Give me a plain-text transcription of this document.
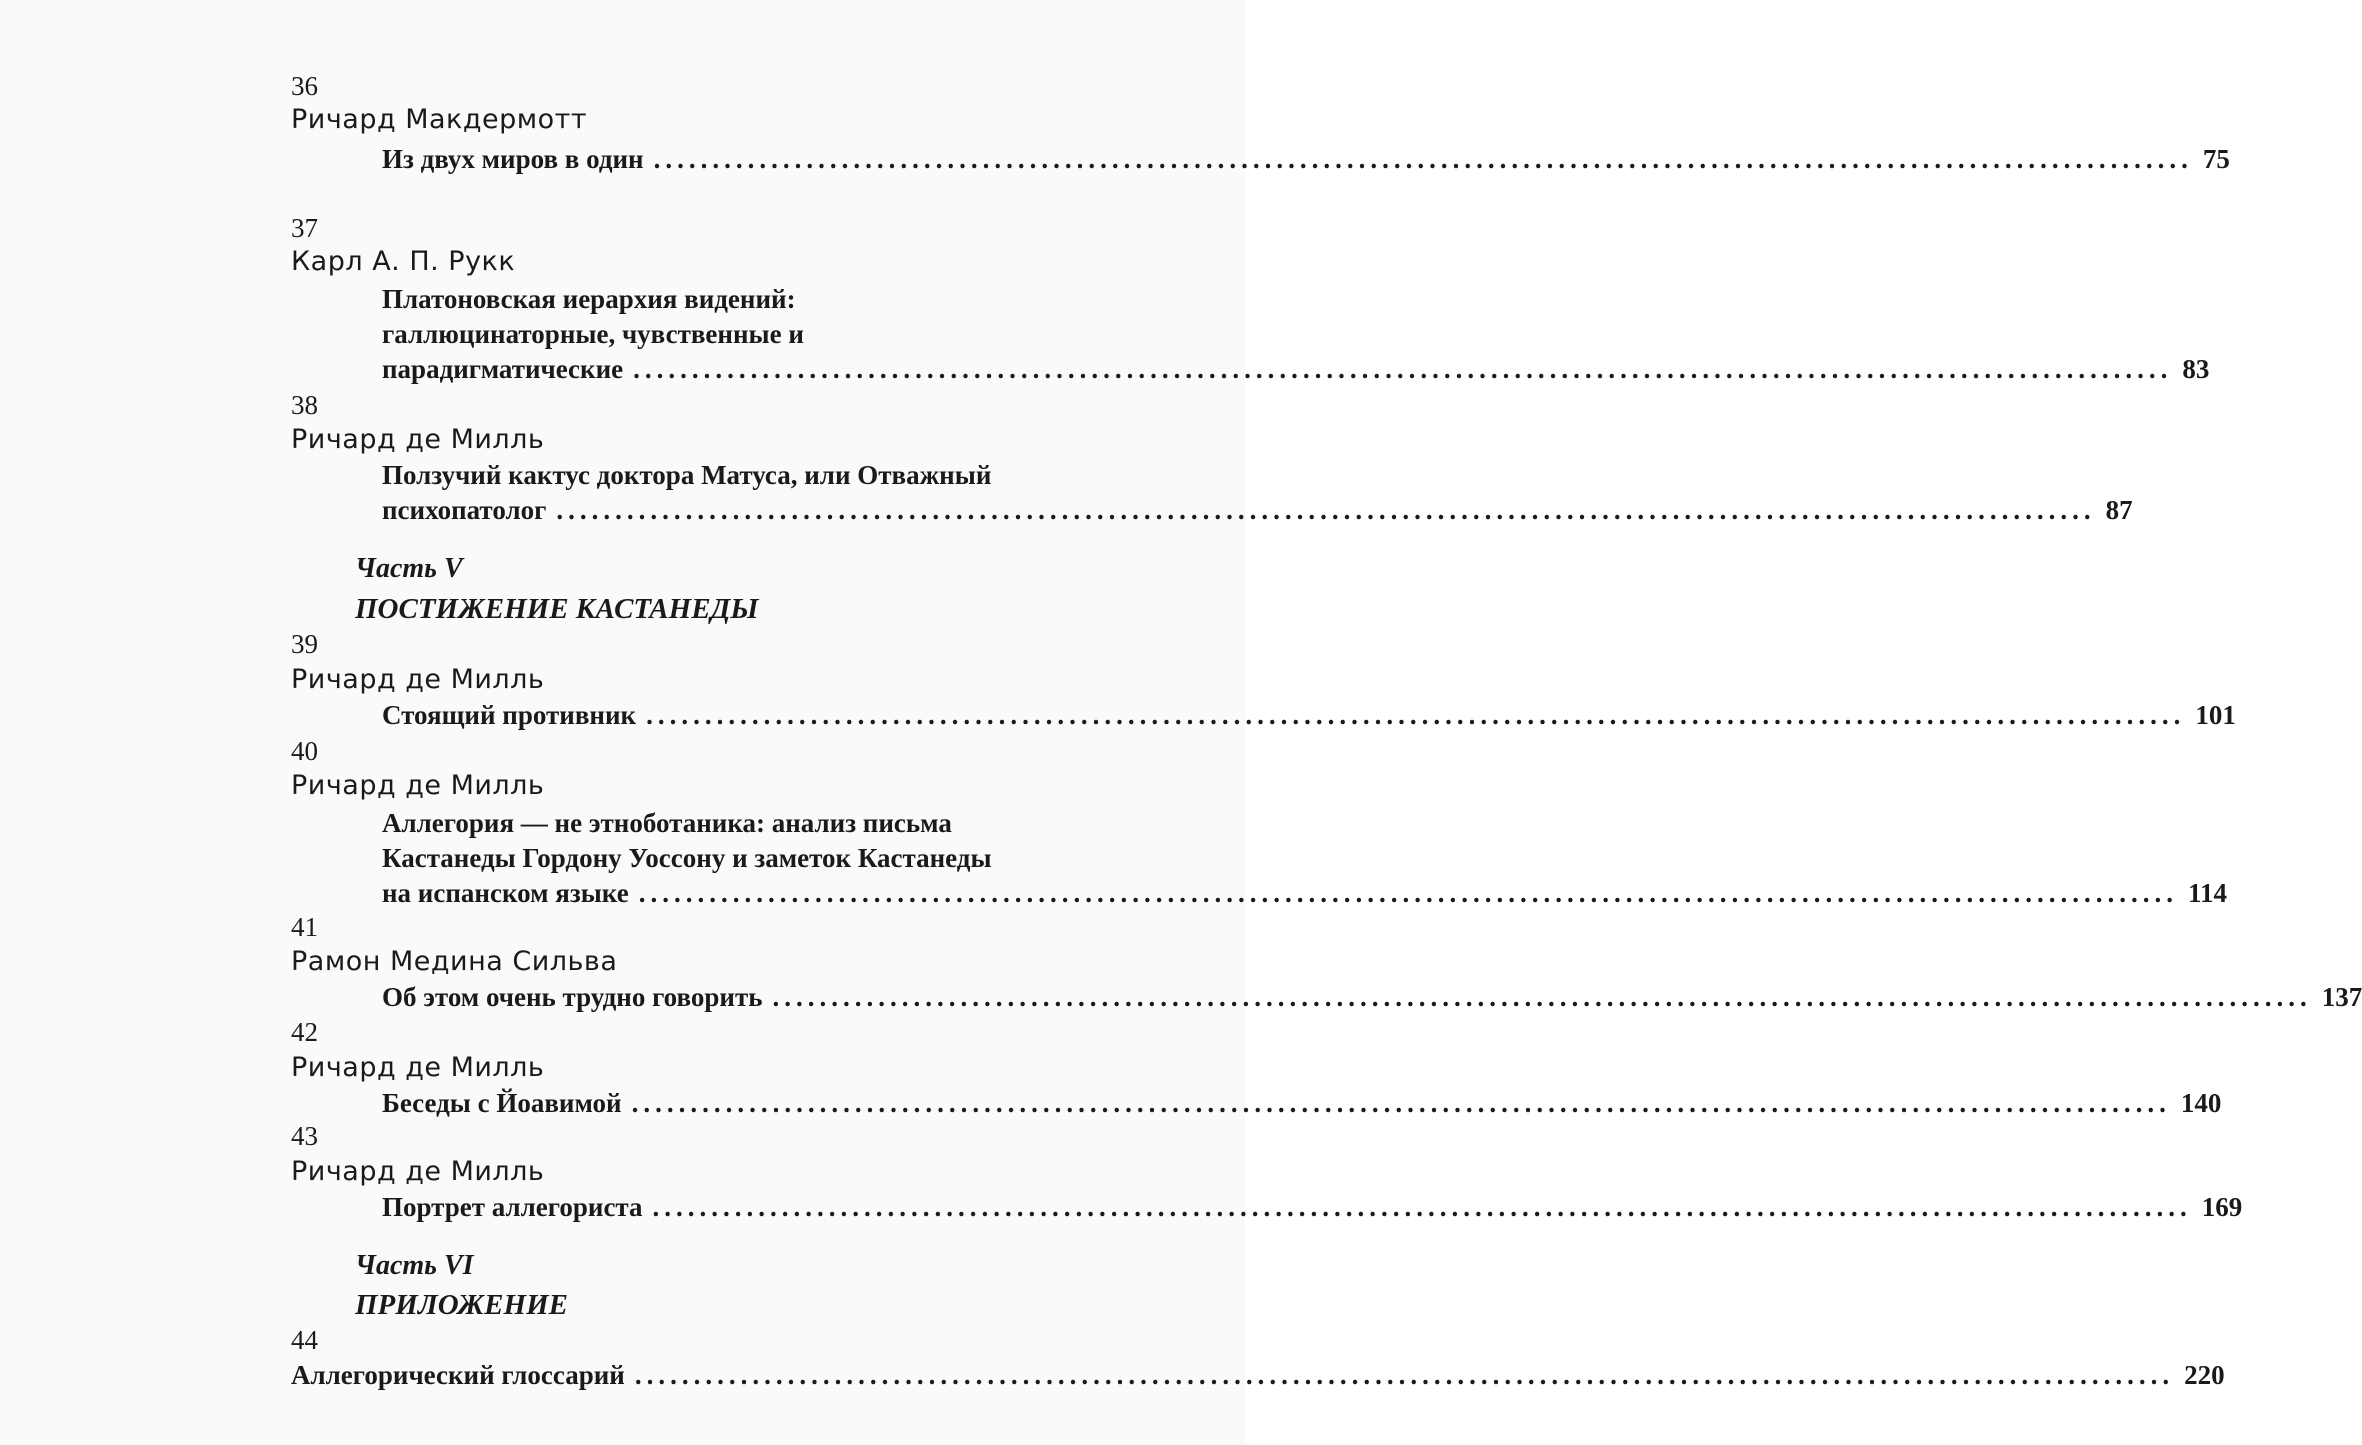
36
Ричард Макдермотт
Из двух миров в один ................................................................................................................................... 75
37
Карл А. П. Рукк
Платоновская иерархия видений:
галлюцинаторные, чувственные и
парадигматические ................................................................................................................................... 83
38
Ричард де Милль
Ползучий кактус доктора Матуса, или Отважный
психопатолог ................................................................................................................................... 87
Часть V
ПОСТИЖЕНИЕ КАСТАНЕДЫ
39
Ричард де Милль
Стоящий противник ................................................................................................................................... 101
40
Ричард де Милль
Аллегория — не этноботаника: анализ письма
Кастанеды Гордону Уоссону и заметок Кастанеды
на испанском языке ................................................................................................................................... 114
41
Рамон Медина Сильва
Об этом очень трудно говорить ................................................................................................................................... 137
42
Ричард де Милль
Беседы с Йоавимой ................................................................................................................................... 140
43
Ричард де Милль
Портрет аллегориста ................................................................................................................................... 169
Часть VI
ПРИЛОЖЕНИЕ
44
Аллегорический глоссарий ................................................................................................................................... 220
